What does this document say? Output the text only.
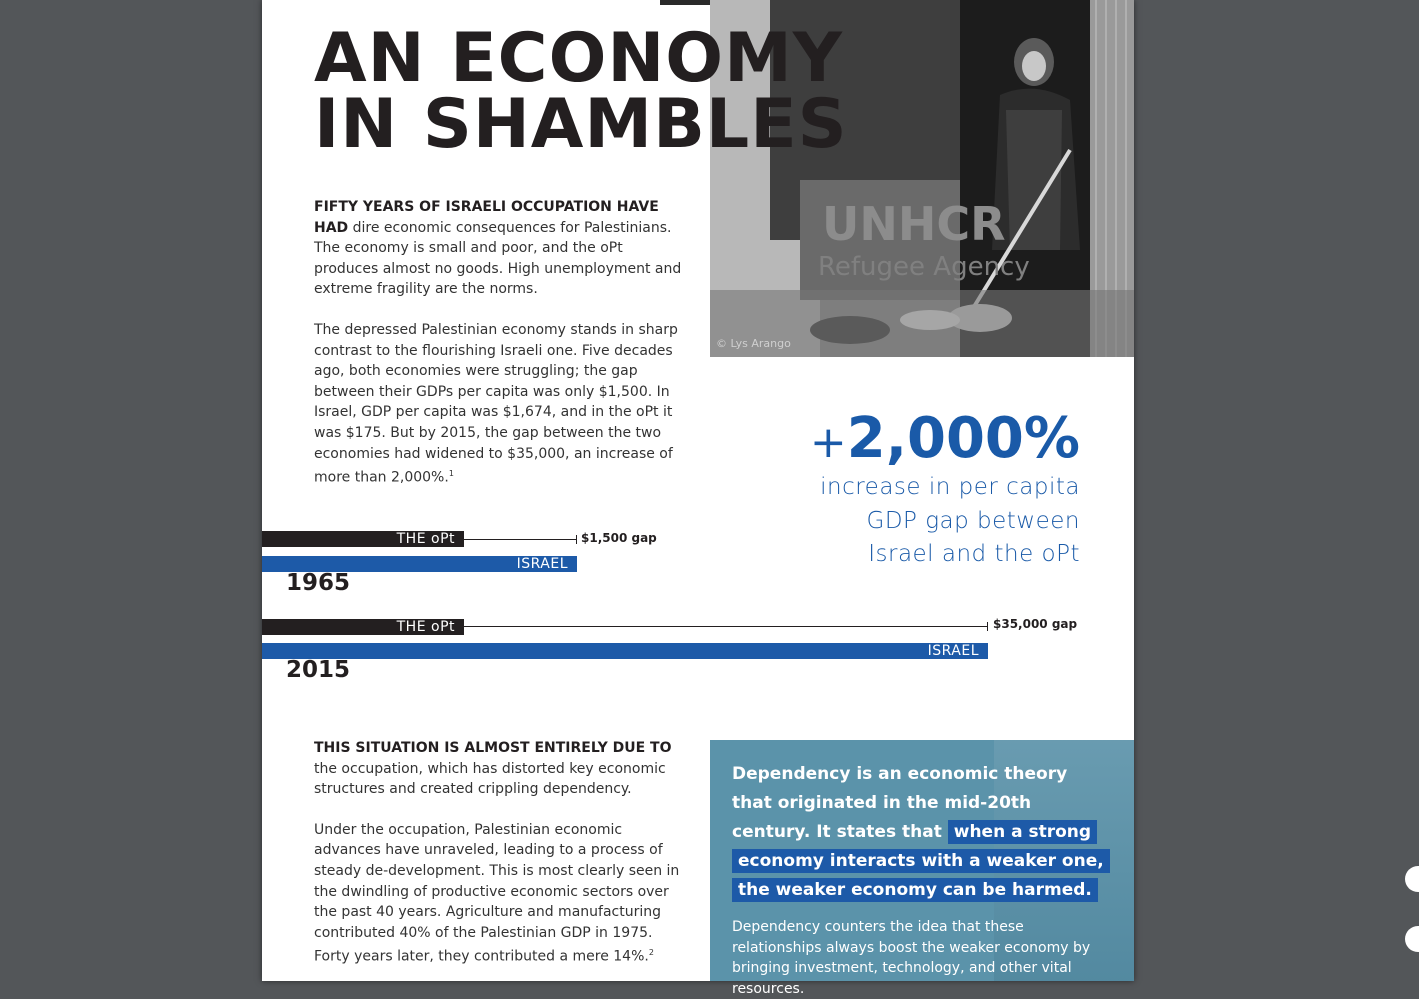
UNHCR
Refugee Agency
© Lys Arango
AN ECONOMY
IN SHAMBLES

FIFTY YEARS OF ISRAELI OCCUPATION HAVE HAD dire economic consequences for Palestinians. The economy is small and poor, and the oPt produces almost no goods. High unemployment and extreme fragility are the norms.

The depressed Palestinian economy stands in sharp contrast to the flourishing Israeli one. Five decades ago, both economies were struggling; the gap between their GDPs per capita was only $1,500. In Israel, GDP per capita was $1,674, and in the oPt it was $175. But by 2015, the gap between the two economies had widened to $35,000, an increase of more than 2,000%.$^1$

+2,000%
increase in per capita
GDP gap between
Israel and the oPt
THE oPt	$1,500 gap
ISRAEL
1965
THE oPt	$35,000 gap
ISRAEL
2015

THIS SITUATION IS ALMOST ENTIRELY DUE TO the occupation, which has distorted key economic structures and created crippling dependency.

Under the occupation, Palestinian economic advances have unraveled, leading to a process of steady de-development. This is most clearly seen in the dwindling of productive economic sectors over the past 40 years. Agriculture and manufacturing contributed 40% of the Palestinian GDP in 1975. Forty years later, they contributed a mere 14%.$^2$

Dependency is an economic theory that originated in the mid-20th century. It states that when a strong economy interacts with a weaker one, the weaker economy can be harmed.
Dependency counters the idea that these relationships always boost the weaker economy by bringing investment, technology, and other vital resources.
